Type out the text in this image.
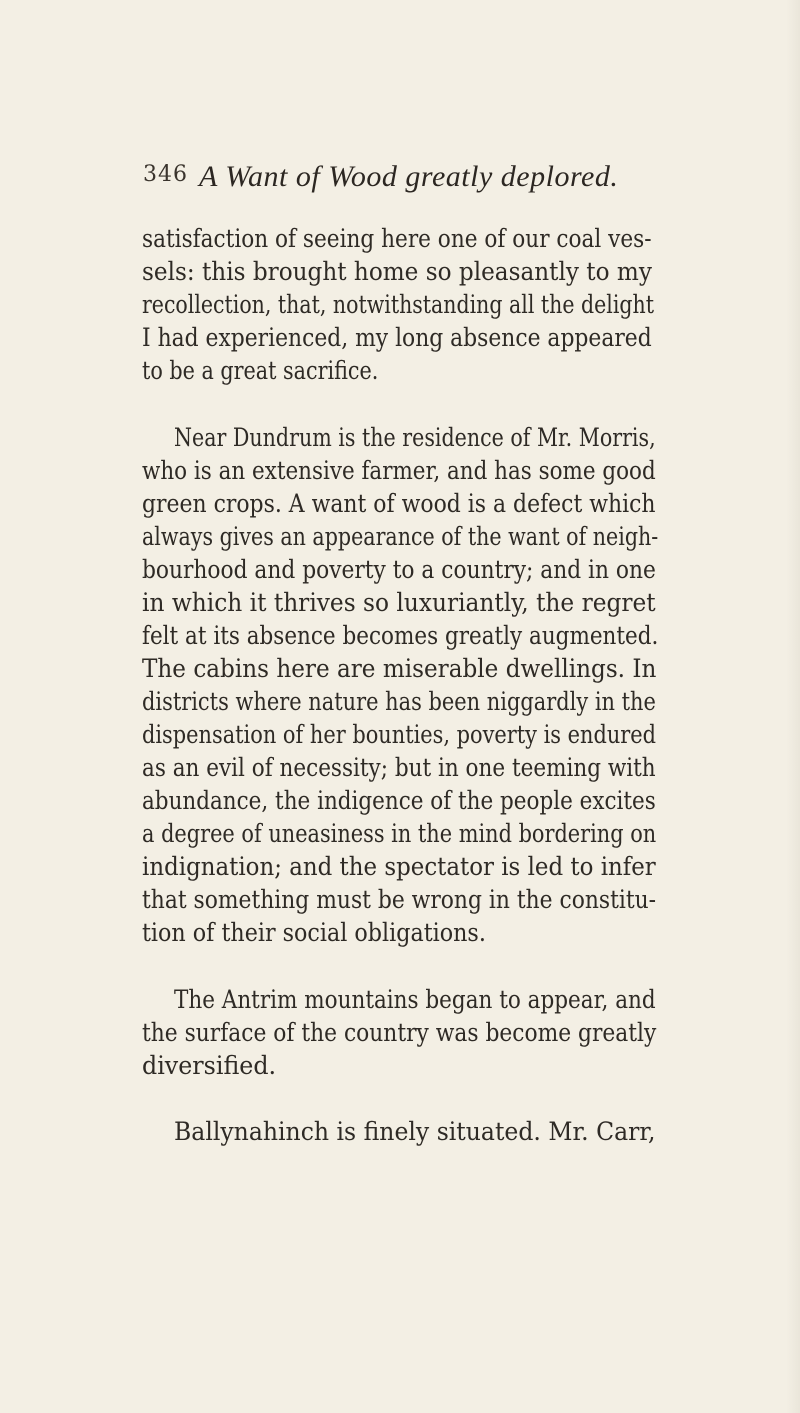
346 A Want of Wood greatly deplored.
satisfaction of seeing here one of our coal ves-
sels: this brought home so pleasantly to my
recollection, that, notwithstanding all the delight
I had experienced, my long absence appeared
to be a great sacrifice.
Near Dundrum is the residence of Mr. Morris,
who is an extensive farmer, and has some good
green crops. A want of wood is a defect which
always gives an appearance of the want of neigh-
bourhood and poverty to a country; and in one
in which it thrives so luxuriantly, the regret
felt at its absence becomes greatly augmented.
The cabins here are miserable dwellings. In
districts where nature has been niggardly in the
dispensation of her bounties, poverty is endured
as an evil of necessity; but in one teeming with
abundance, the indigence of the people excites
a degree of uneasiness in the mind bordering on
indignation; and the spectator is led to infer
that something must be wrong in the constitu-
tion of their social obligations.
The Antrim mountains began to appear, and
the surface of the country was become greatly
diversified.
Ballynahinch is finely situated. Mr. Carr,
